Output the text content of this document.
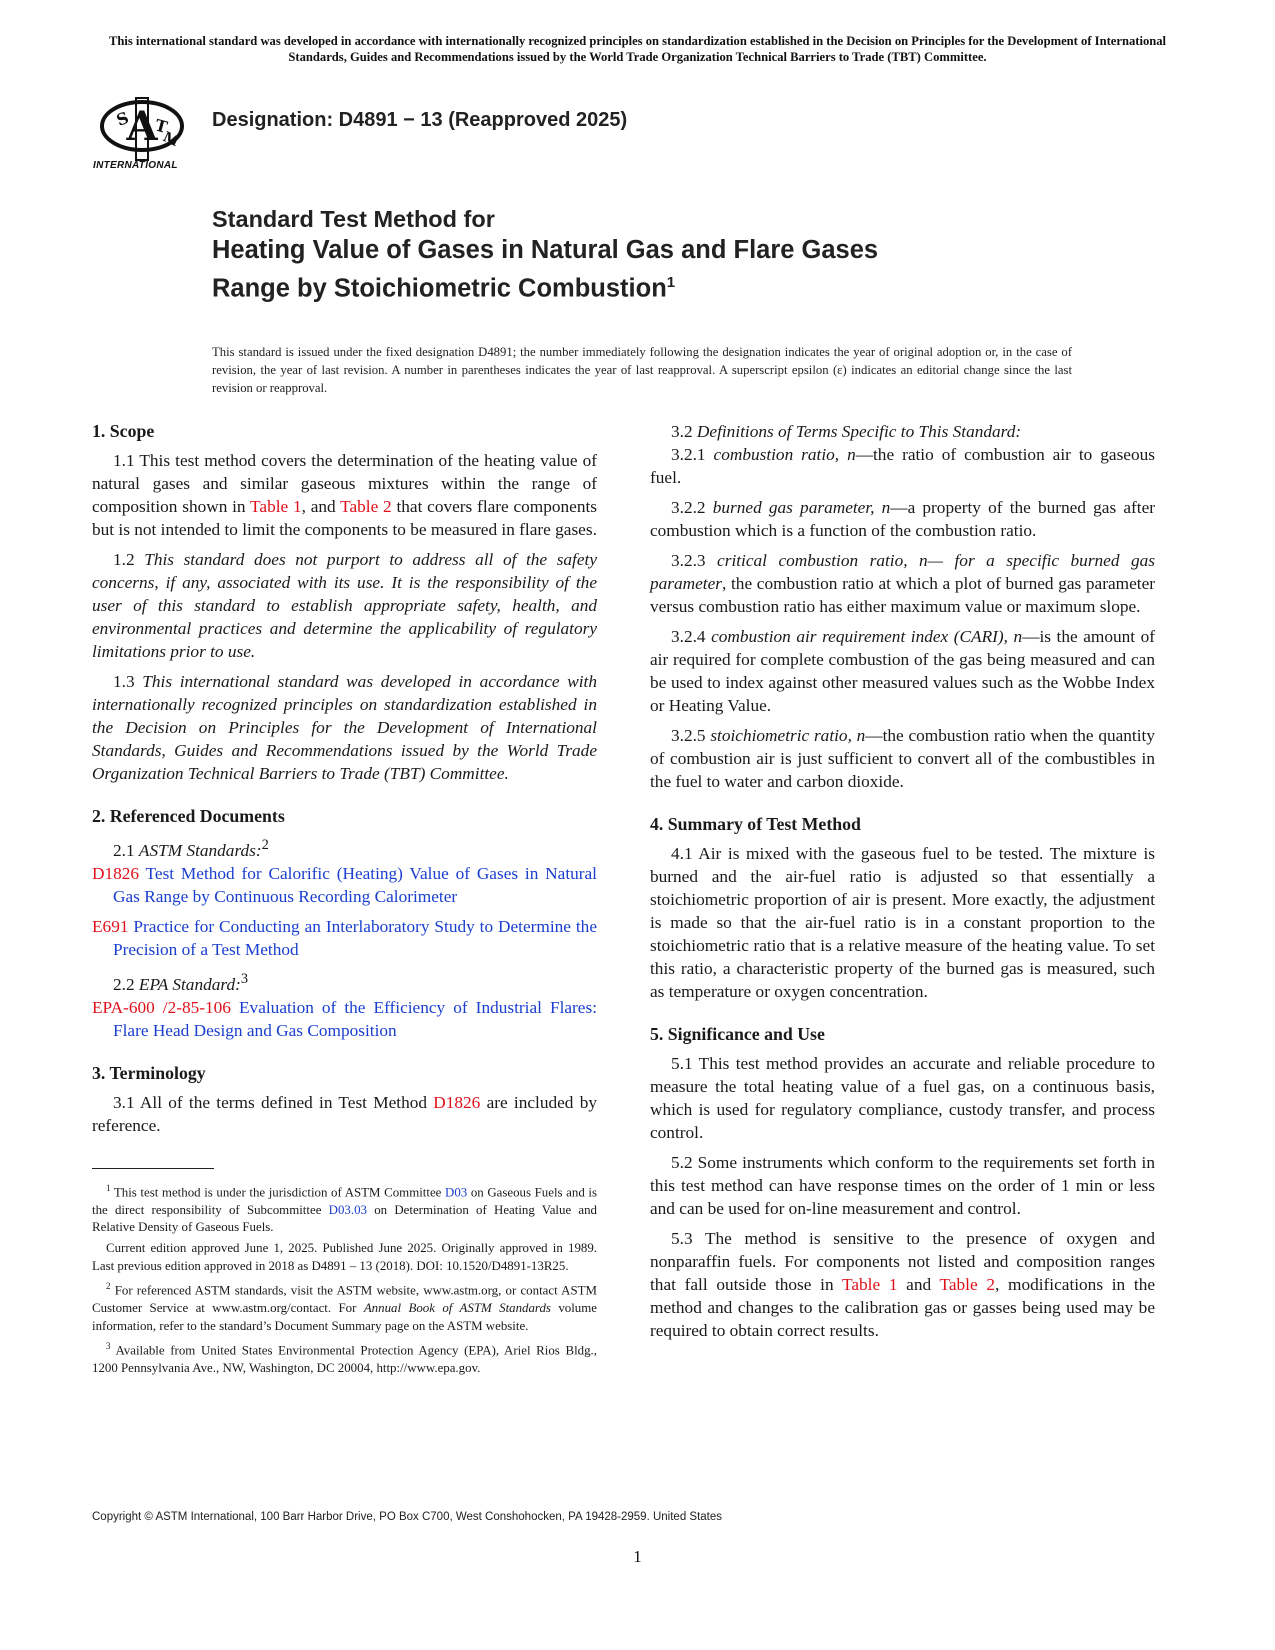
This international standard was developed in accordance with internationally recognized principles on standardization established in the Decision on Principles for the Development of International Standards, Guides and Recommendations issued by the World Trade Organization Technical Barriers to Trade (TBT) Committee.
A
S T
M
INTERNATIONAL
Designation: D4891 − 13 (Reapproved 2025)
Standard Test Method for
Heating Value of Gases in Natural Gas and Flare Gases
Range by Stoichiometric Combustion$^1$
This standard is issued under the fixed designation D4891; the number immediately following the designation indicates the year of original adoption or, in the case of revision, the year of last revision. A number in parentheses indicates the year of last reapproval. A superscript epsilon (ε) indicates an editorial change since the last revision or reapproval.
1. Scope

1.1 This test method covers the determination of the heating value of natural gases and similar gaseous mixtures within the range of composition shown in Table 1, and Table 2 that covers flare components but is not intended to limit the components to be measured in flare gases.

1.2 This standard does not purport to address all of the safety concerns, if any, associated with its use. It is the responsibility of the user of this standard to establish appropriate safety, health, and environmental practices and determine the applicability of regulatory limitations prior to use.

1.3 This international standard was developed in accordance with internationally recognized principles on standardization established in the Decision on Principles for the Development of International Standards, Guides and Recommendations issued by the World Trade Organization Technical Barriers to Trade (TBT) Committee.

2. Referenced Documents

2.1 ASTM Standards:$^2$

D1826 Test Method for Calorific (Heating) Value of Gases in Natural Gas Range by Continuous Recording Calorimeter

E691 Practice for Conducting an Interlaboratory Study to Determine the Precision of a Test Method

2.2 EPA Standard:$^3$

EPA-600 /2-85-106 Evaluation of the Efficiency of Industrial Flares: Flare Head Design and Gas Composition

3. Terminology

3.1 All of the terms defined in Test Method D1826 are included by reference.

$^1$ This test method is under the jurisdiction of ASTM Committee D03 on Gaseous Fuels and is the direct responsibility of Subcommittee D03.03 on Determination of Heating Value and Relative Density of Gaseous Fuels.

Current edition approved June 1, 2025. Published June 2025. Originally approved in 1989. Last previous edition approved in 2018 as D4891 – 13 (2018). DOI: 10.1520/D4891-13R25.

$^2$ For referenced ASTM standards, visit the ASTM website, www.astm.org, or contact ASTM Customer Service at www.astm.org/contact. For Annual Book of ASTM Standards volume information, refer to the standard’s Document Summary page on the ASTM website.

$^3$ Available from United States Environmental Protection Agency (EPA), Ariel Rios Bldg., 1200 Pennsylvania Ave., NW, Washington, DC 20004, http://www.epa.gov.

3.2 Definitions of Terms Specific to This Standard:

3.2.1 combustion ratio, n—the ratio of combustion air to gaseous fuel.

3.2.2 burned gas parameter, n—a property of the burned gas after combustion which is a function of the combustion ratio.

3.2.3 critical combustion ratio, n— for a specific burned gas parameter, the combustion ratio at which a plot of burned gas parameter versus combustion ratio has either maximum value or maximum slope.

3.2.4 combustion air requirement index (CARI), n—is the amount of air required for complete combustion of the gas being measured and can be used to index against other measured values such as the Wobbe Index or Heating Value.

3.2.5 stoichiometric ratio, n—the combustion ratio when the quantity of combustion air is just sufficient to convert all of the combustibles in the fuel to water and carbon dioxide.

4. Summary of Test Method

4.1 Air is mixed with the gaseous fuel to be tested. The mixture is burned and the air-fuel ratio is adjusted so that essentially a stoichiometric proportion of air is present. More exactly, the adjustment is made so that the air-fuel ratio is in a constant proportion to the stoichiometric ratio that is a relative measure of the heating value. To set this ratio, a characteristic property of the burned gas is measured, such as temperature or oxygen concentration.

5. Significance and Use

5.1 This test method provides an accurate and reliable procedure to measure the total heating value of a fuel gas, on a continuous basis, which is used for regulatory compliance, custody transfer, and process control.

5.2 Some instruments which conform to the requirements set forth in this test method can have response times on the order of 1 min or less and can be used for on-line measurement and control.

5.3 The method is sensitive to the presence of oxygen and nonparaffin fuels. For components not listed and composition ranges that fall outside those in Table 1 and Table 2, modifications in the method and changes to the calibration gas or gasses being used may be required to obtain correct results.

Copyright © ASTM International, 100 Barr Harbor Drive, PO Box C700, West Conshohocken, PA 19428-2959. United States
1
